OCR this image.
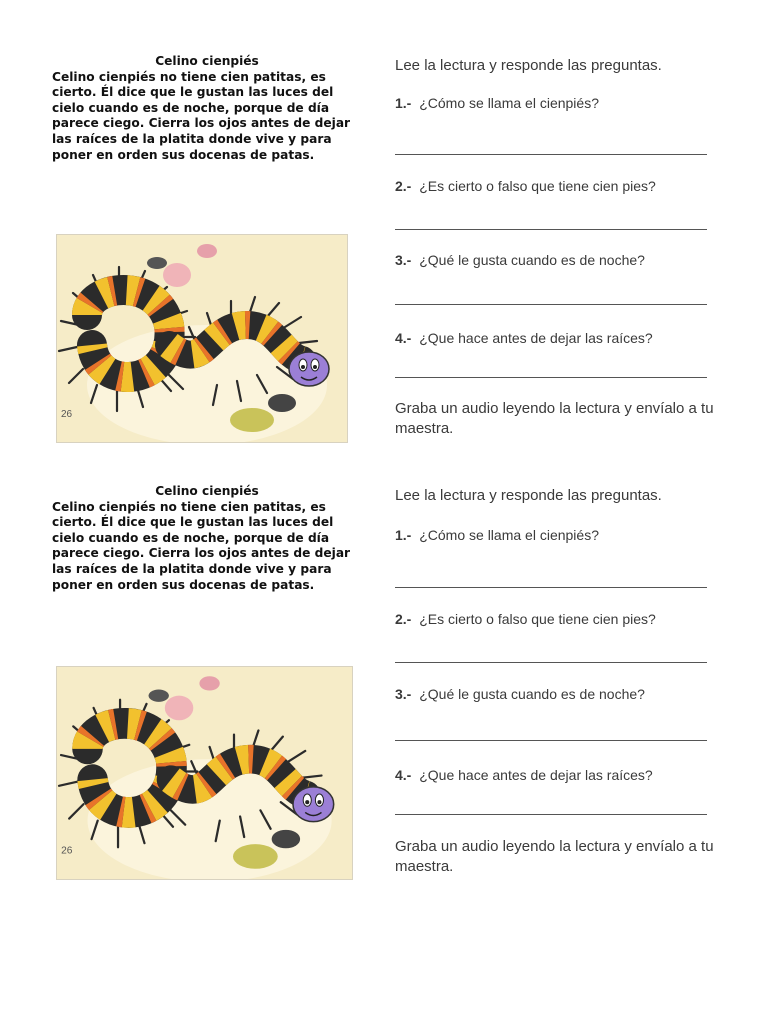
Celino cienpiés
Celino cienpiés no tiene cien patitas, es cierto. Él dice que le gustan las luces del cielo cuando es de noche, porque de día parece ciego. Cierra los ojos antes de dejar las raíces de la platita donde vive y para poner en orden sus docenas de patas.
26
Lee la lectura y responde las preguntas.
1.- ¿Cómo se llama el cienpiés?
2.- ¿Es cierto o falso que tiene cien pies?
3.- ¿Qué le gusta cuando es de noche?
4.- ¿Que hace antes de dejar las raíces?
Graba un audio leyendo la lectura y envíalo a tu maestra.
Celino cienpiés
Celino cienpiés no tiene cien patitas, es cierto. Él dice que le gustan las luces del cielo cuando es de noche, porque de día parece ciego. Cierra los ojos antes de dejar las raíces de la platita donde vive y para poner en orden sus docenas de patas.
26
Lee la lectura y responde las preguntas.
1.- ¿Cómo se llama el cienpiés?
2.- ¿Es cierto o falso que tiene cien pies?
3.- ¿Qué le gusta cuando es de noche?
4.- ¿Que hace antes de dejar las raíces?
Graba un audio leyendo la lectura y envíalo a tu maestra.
